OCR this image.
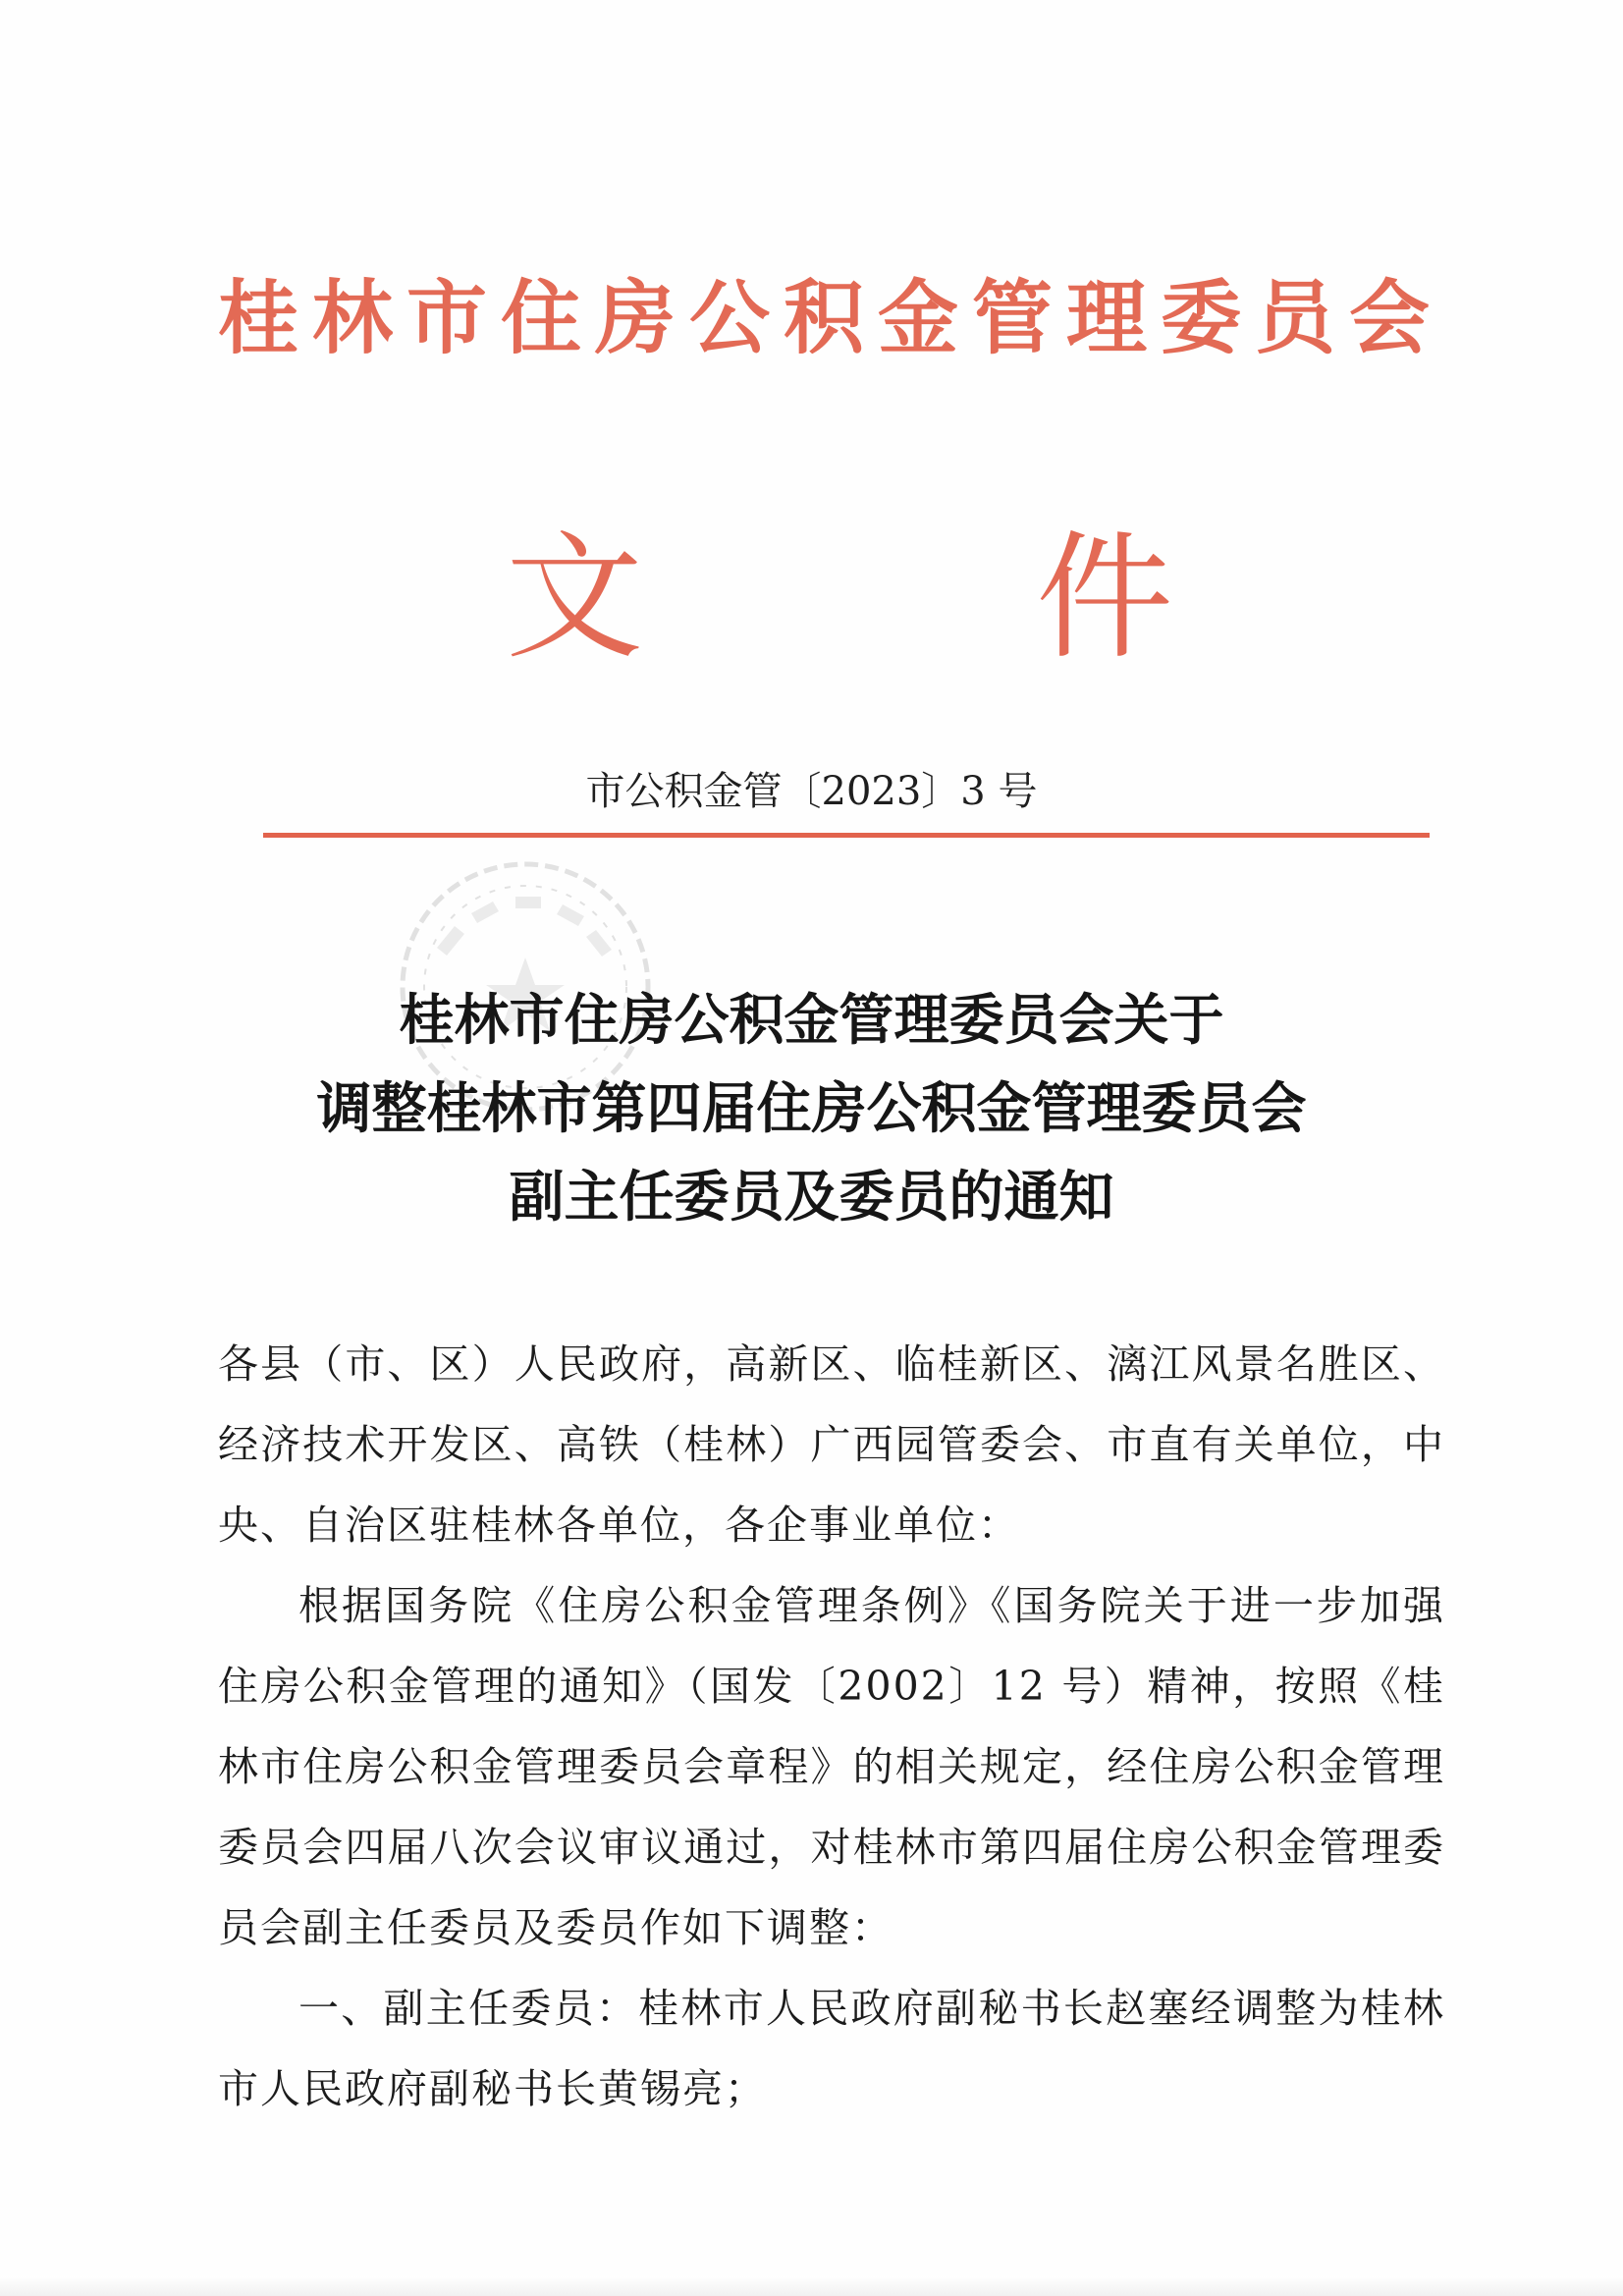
桂林市住房公积金管理委员会
文	件
市公积金管〔2023〕3 号
桂林市住房公积金管理委员会关于
调整桂林市第四届住房公积金管理委员会
副主任委员及委员的通知

各县（市、区）人民政府，高新区、临桂新区、漓江风景名胜区、经济技术开发区、高铁（桂林）广西园管委会、市直有关单位，中央、自治区驻桂林各单位，各企事业单位：

根据国务院《住房公积金管理条例》《国务院关于进一步加强住房公积金管理的通知》（国发〔2002〕12 号）精神，按照《桂林市住房公积金管理委员会章程》的相关规定，经住房公积金管理委员会四届八次会议审议通过，对桂林市第四届住房公积金管理委员会副主任委员及委员作如下调整：

一、副主任委员：桂林市人民政府副秘书长赵塞经调整为桂林市人民政府副秘书长黄锡亮；
